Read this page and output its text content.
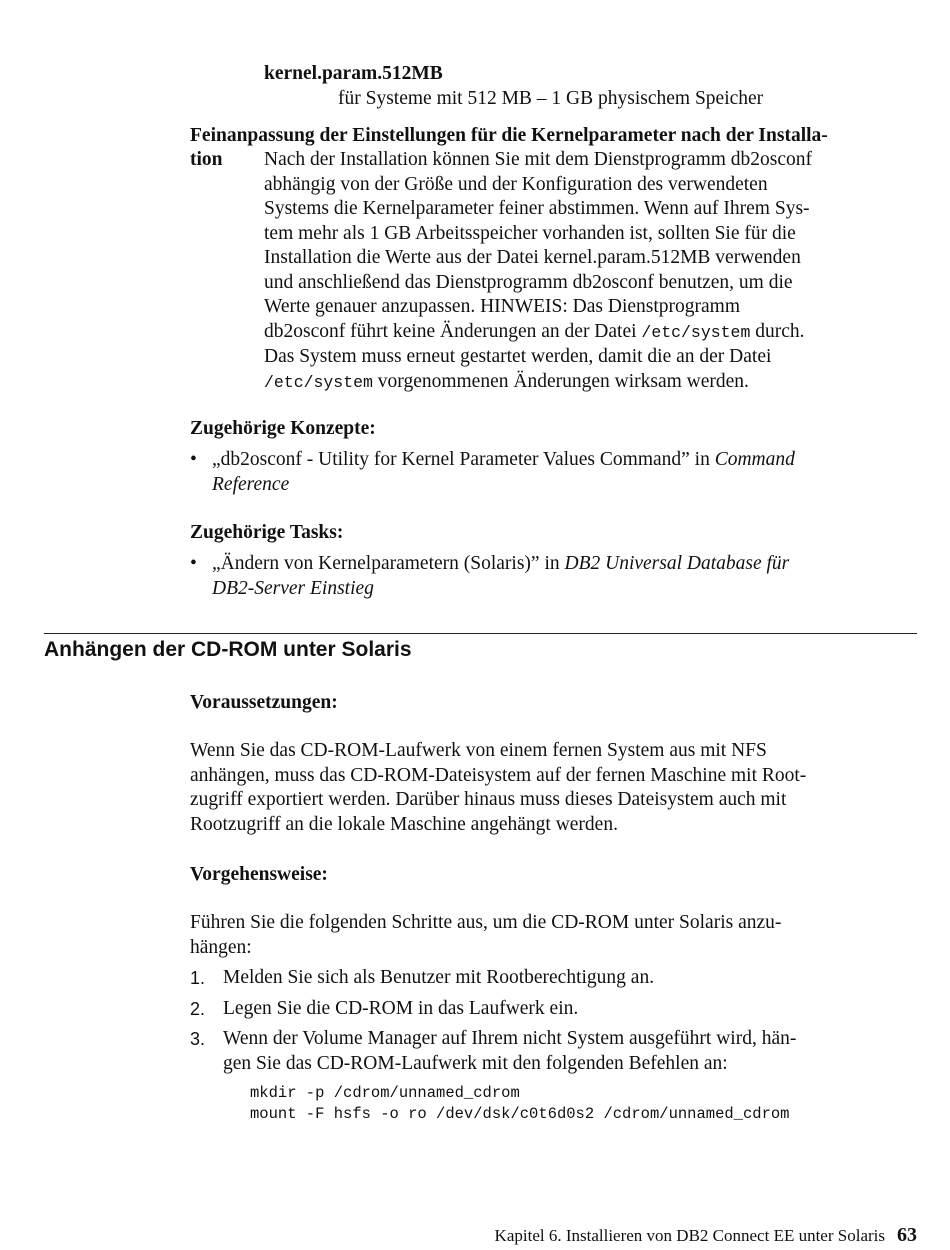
kernel.param.512MB
für Systeme mit 512 MB – 1 GB physischem Speicher
Feinanpassung der Einstellungen für die Kernelparameter nach der Installa-
tion Nach der Installation können Sie mit dem Dienstprogramm db2osconf
abhängig von der Größe und der Konfiguration des verwendeten
Systems die Kernelparameter feiner abstimmen. Wenn auf Ihrem Sys-
tem mehr als 1 GB Arbeitsspeicher vorhanden ist, sollten Sie für die
Installation die Werte aus der Datei kernel.param.512MB verwenden
und anschließend das Dienstprogramm db2osconf benutzen, um die
Werte genauer anzupassen. HINWEIS: Das Dienstprogramm
db2osconf führt keine Änderungen an der Datei /etc/system durch.
Das System muss erneut gestartet werden, damit die an der Datei
/etc/system vorgenommenen Änderungen wirksam werden.
Zugehörige Konzepte:
• „db2osconf - Utility for Kernel Parameter Values Command” in Command
Reference
Zugehörige Tasks:
• „Ändern von Kernelparametern (Solaris)” in DB2 Universal Database für
DB2-Server Einstieg
Anhängen der CD-ROM unter Solaris
Voraussetzungen:
Wenn Sie das CD-ROM-Laufwerk von einem fernen System aus mit NFS
anhängen, muss das CD-ROM-Dateisystem auf der fernen Maschine mit Root-
zugriff exportiert werden. Darüber hinaus muss dieses Dateisystem auch mit
Rootzugriff an die lokale Maschine angehängt werden.
Vorgehensweise:
Führen Sie die folgenden Schritte aus, um die CD-ROM unter Solaris anzu-
hängen:
1. Melden Sie sich als Benutzer mit Rootberechtigung an.
2. Legen Sie die CD-ROM in das Laufwerk ein.
3. Wenn der Volume Manager auf Ihrem nicht System ausgeführt wird, hän-
gen Sie das CD-ROM-Laufwerk mit den folgenden Befehlen an:
mkdir -p /cdrom/unnamed_cdrom
mount -F hsfs -o ro /dev/dsk/c0t6d0s2 /cdrom/unnamed_cdrom
Kapitel 6. Installieren von DB2 Connect EE unter Solaris 63
